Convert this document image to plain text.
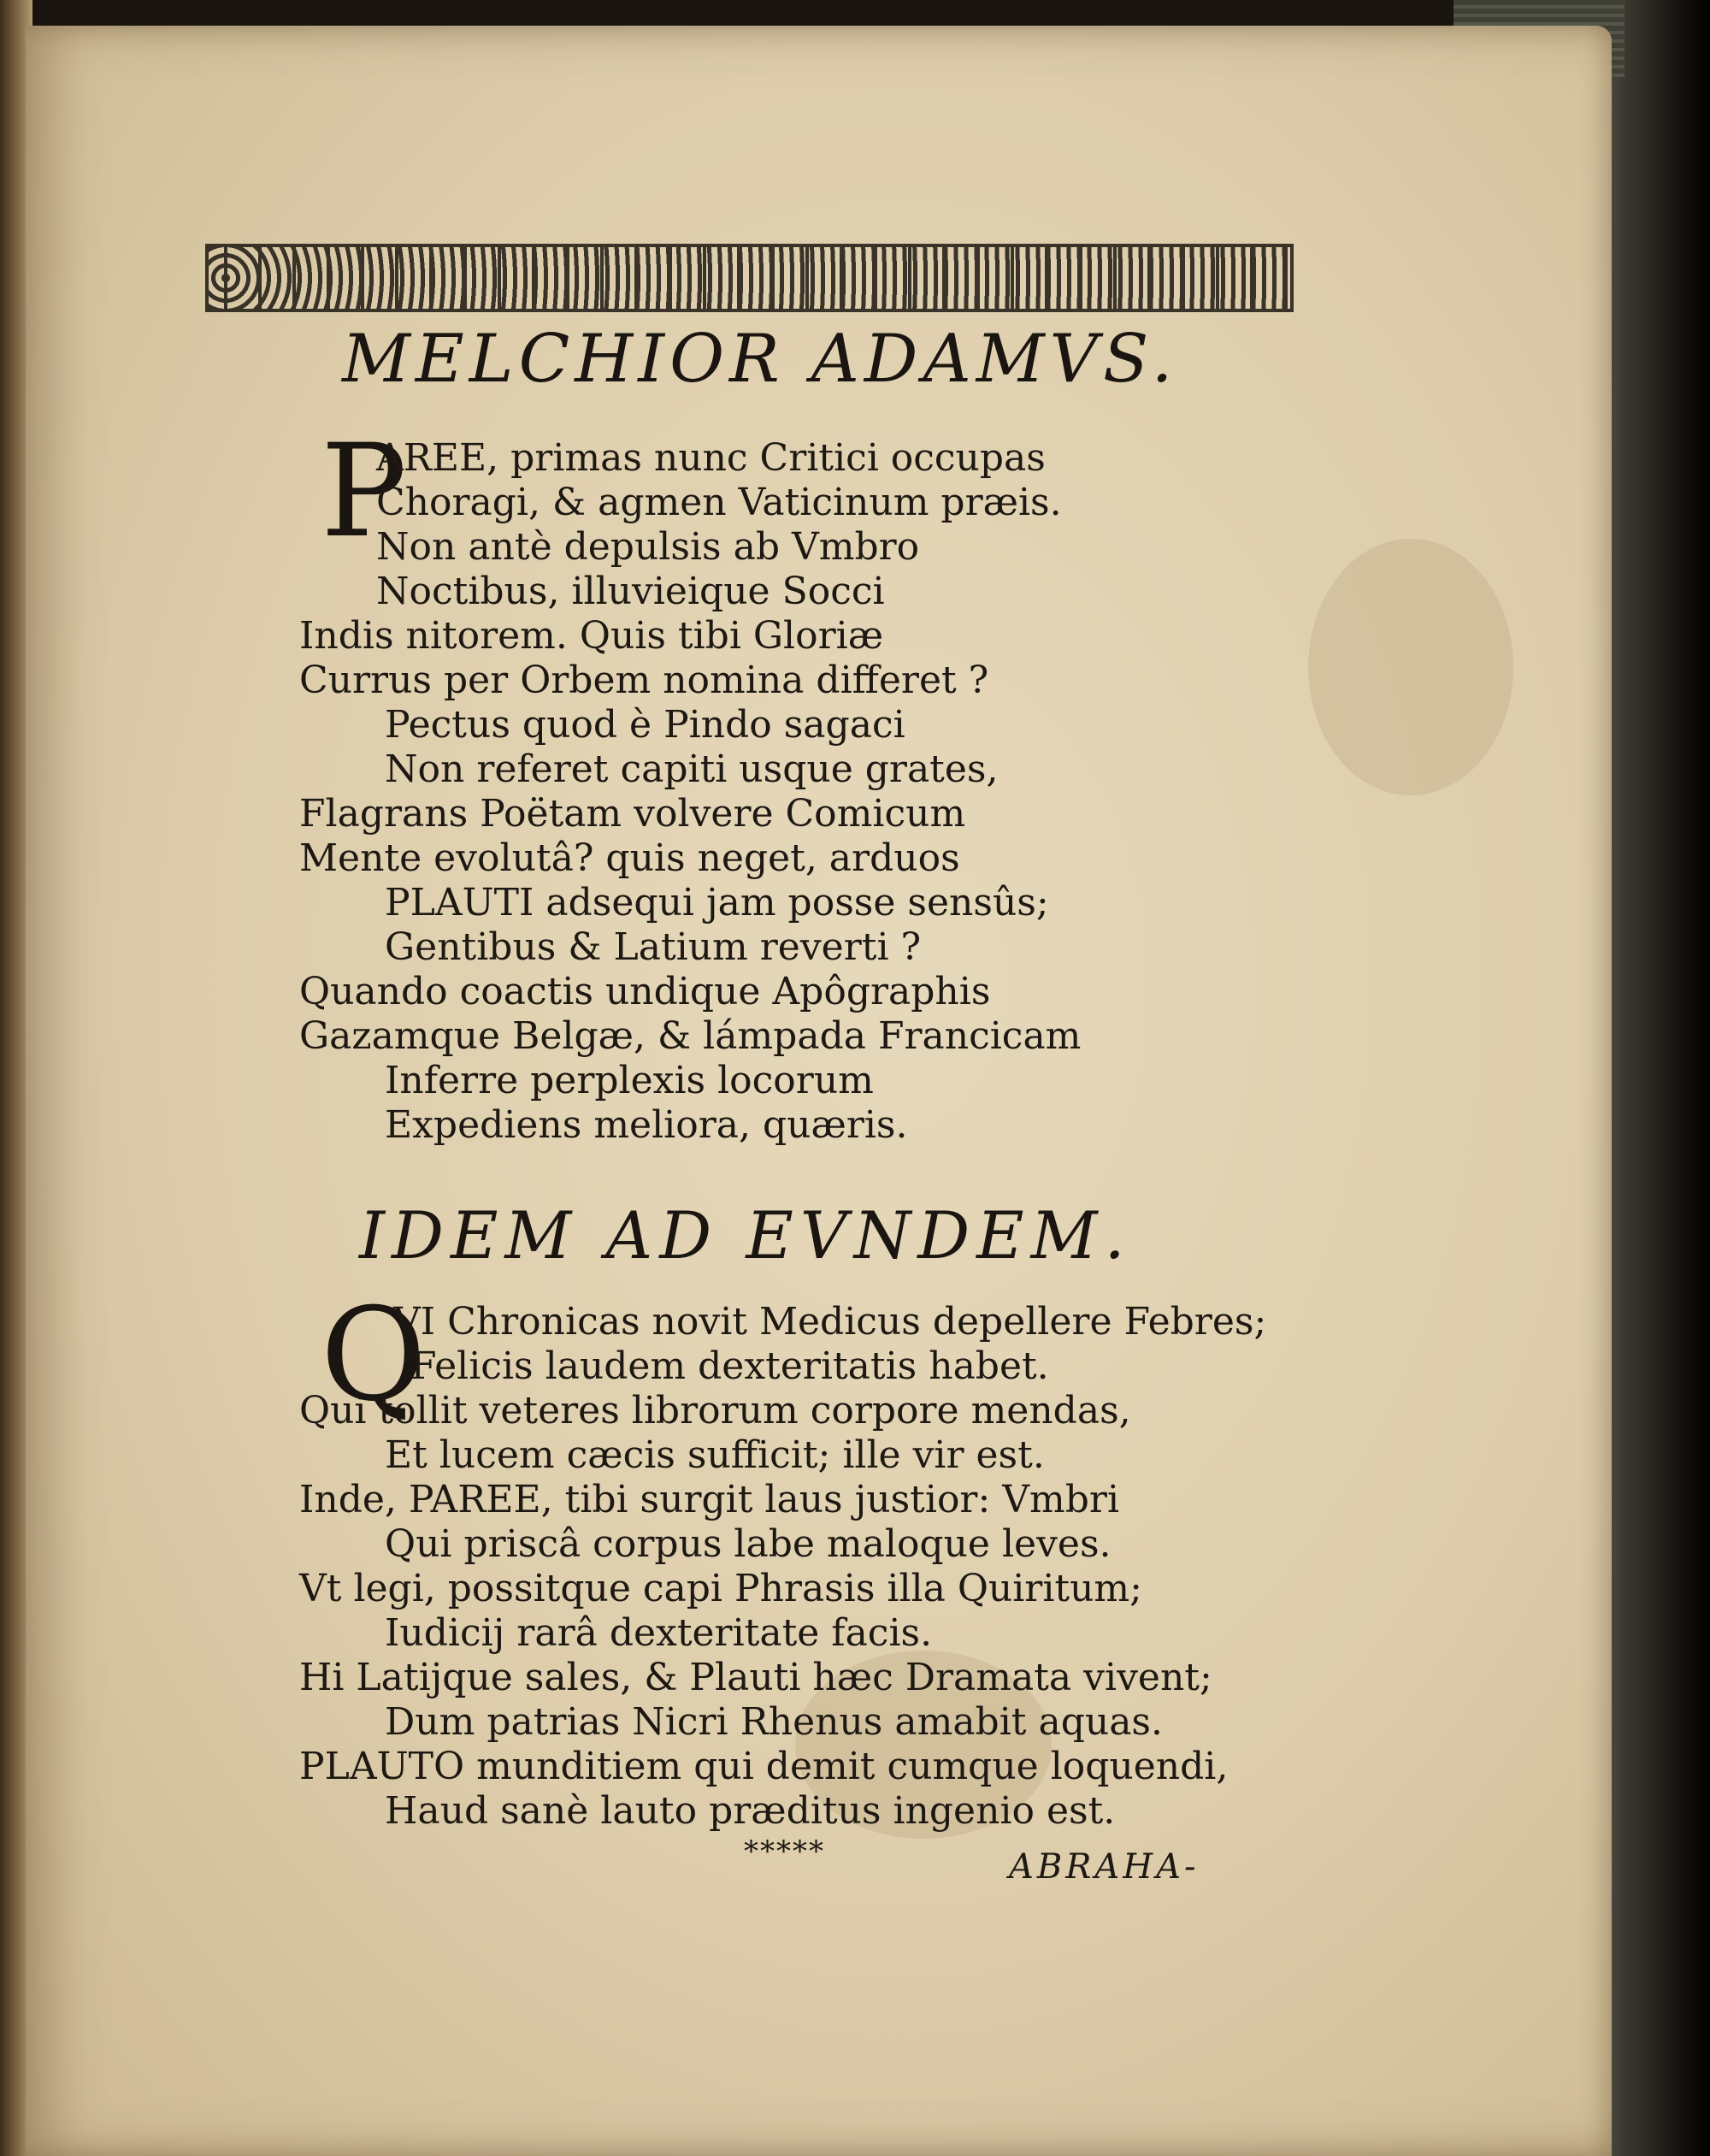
MELCHIOR ADAMVS.
P
AREE, primas nunc Critici occupas
Choragi, & agmen Vaticinum præis.
Non antè depulsis ab Vmbro
Noctibus, illuvieique Socci
Indis nitorem. Quis tibi Gloriæ
Currus per Orbem nomina differet ?
Pectus quod è Pindo sagaci
Non referet capiti usque grates,
Flagrans Poëtam volvere Comicum
Mente evolutâ? quis neget, arduos
PLAUTI adsequi jam posse sensûs;
Gentibus & Latium reverti ?
Quando coactis undique Apôgraphis
Gazamque Belgæ, & lámpada Francicam
Inferre perplexis locorum
Expediens meliora, quæris.
IDEM AD EVNDEM.
Q
VI Chronicas novit Medicus depellere Febres;
Felicis laudem dexteritatis habet.
Qui tollit veteres librorum corpore mendas,
Et lucem cæcis sufficit; ille vir est.
Inde, PAREE, tibi surgit laus justior: Vmbri
Qui priscâ corpus labe maloque leves.
Vt legi, possitque capi Phrasis illa Quiritum;
Iudicij rarâ dexteritate facis.
Hi Latijque sales, & Plauti hæc Dramata vivent;
Dum patrias Nicri Rhenus amabit aquas.
PLAUTO munditiem qui demit cumque loquendi,
Haud sanè lauto præditus ingenio est.
*****	ABRAHA-
